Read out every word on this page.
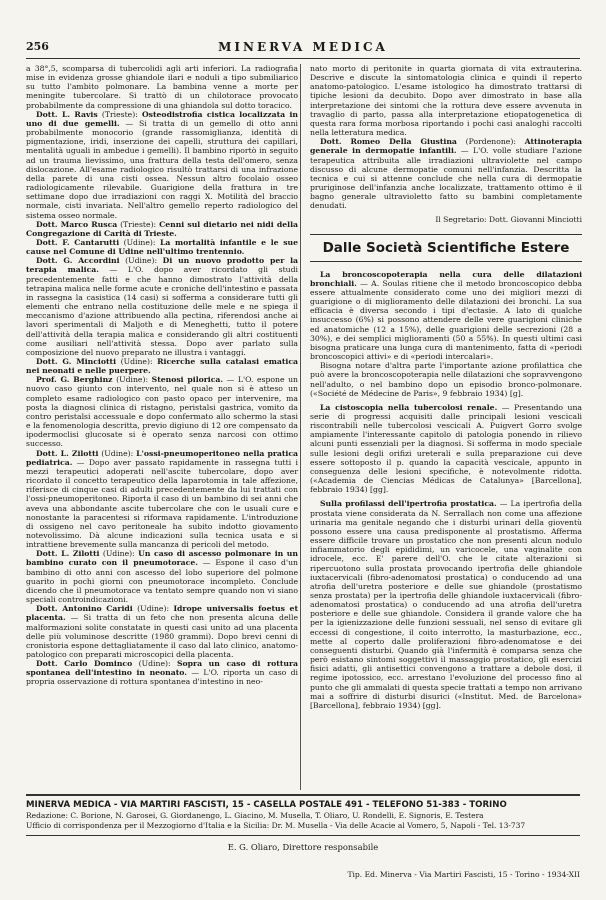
256	MINERVA MEDICA

a 38°,5, scomparsa di tubercolidi agli arti inferiori. La radiografia mise in evidenza grosse ghiandole ilari e noduli a tipo submiliarico su tutto l'ambito polmonare. La bambina venne a morte per meningite tubercolare. Si trattò di un chilotorace provocato probabilmente da compressione di una ghiandola sul dotto toracico.

Dott. L. Ravis (Trieste): Osteodistrofia cistica localizzata in uno di due gemelli. — Si tratta di un gemello di otto anni probabilmente monocorio (grande rassomiglianza, identità di pigmentazione, iridi, inserzione dei capelli, struttura dei capillari, mentalità uguali in ambedue i gemelli). Il bambino riportò in seguito ad un trauma lievissimo, una frattura della testa dell'omero, senza dislocazione. All'esame radiologico risultò trattarsi di una infrazione della parete di una cisti ossea. Nessun altro focolaio osseo radiologicamente rilevabile. Guarigione della frattura in tre settimane dopo due irradiazioni con raggi X. Motilità del braccio normale, cisti invariata. Nell'altro gemello reperto radiologico del sistema osseo normale.

Dott. Marco Rusca (Trieste): Cenni sul dietario nei nidi della Congregazione di Carità di Trieste.

Dott. F. Cantarutti (Udine): La mortalità infantile e le sue cause nel Comune di Udine nell'ultimo trentennio.

Dott. G. Accordini (Udine): Di un nuovo prodotto per la terapia malica. — L'O. dopo aver ricordato gli studi precedentemente fatti e che hanno dimostrato l'attività della tetrapina malica nelle forme acute e croniche dell'intestino e passata in rassegna la casistica (14 casi) si sofferma a considerare tutti gli elementi che entrano nella costituzione delle mele e ne spiega il meccanismo d'azione attribuendo alla pectina, riferendosi anche ai lavori sperimentali di Maljoth e di Meneghetti, tutto il potere dell'attività della terapia malica e considerando gli altri costituenti come ausiliari nell'attività stessa. Dopo aver parlato sulla composizione del nuovo preparato ne illustra i vantaggi.

Dott. G. Minciotti (Udine): Ricerche sulla catalasi ematica nei neonati e nelle puerpere.

Prof. G. Berghinz (Udine): Stenosi pilorica. — L'O. espone un nuovo caso giunto con intervento, nel quale non si è atteso un completo esame radiologico con pasto opaco per intervenire, ma posta la diagnosi clinica di ristagno, peristalsi gastrica, vomito da contro peristalsi accessuale e dopo confermato allo schermo la stasi e la fenomenologia descritta, previo digiuno di 12 ore compensato da ipodermoclisi glucosate si è operato senza narcosi con ottimo successo.

Dott. L. Zilotti (Udine): L'ossi-pneumoperitoneo nella pratica pediatrica. — Dopo aver passato rapidamente in rassegna tutti i mezzi terapeutici adoperati nell'ascite tubercolare, dopo aver ricordato il concetto terapeutico della laparotomia in tale affezione, riferisce di cinque casi di adulti precedentemente da lui trattati con l'ossi-pneumoperitoneo. Riporta il caso di un bambino di sei anni che aveva una abbondante ascite tubercolare che con le usuali cure e nonostante la paracentesi si riformava rapidamente. L'introduzione di ossigeno nel cavo peritoneale ha subito indotto giovamento notevolissimo. Dà alcune indicazioni sulla tecnica usata e si intrattiene brevemente sulla mancanza di pericoli del metodo.

Dott. L. Zilotti (Udine): Un caso di ascesso polmonare in un bambino curato con il pneumotorace. — Espone il caso d'un bambino di otto anni con ascesso del lobo superiore del polmone guarito in pochi giorni con pneumotorace incompleto. Conclude dicendo che il pneumotorace va tentato sempre quando non vi siano speciali controindicazioni.

Dott. Antonino Caridi (Udine): Idrope universalis foetus et placenta. — Si tratta di un feto che non presenta alcuna delle malformazioni solite constatate in questi casi unito ad una placenta delle più voluminose descritte (1980 grammi). Dopo brevi cenni di cronistoria espone dettagliatamente il caso dal lato clinico, anatomo-patologico con preparati microscopici della placenta.

Dott. Carlo Dominco (Udine): Sopra un caso di rottura spontanea dell'intestino in neonato. — L'O. riporta un caso di propria osservazione di rottura spontanea d'intestino in neo-

nato morto di peritonite in quarta giornata di vita extrauterina. Descrive e discute la sintomatologia clinica e quindi il reperto anatomo-patologico. L'esame istologico ha dimostrato trattarsi di tipiche lesioni da decubito. Dopo aver dimostrato in base alla interpretazione dei sintomi che la rottura deve essere avvenuta in travaglio di parto, passa alla interpretazione etiopatogenetica di questa rara forma morbosa riportando i pochi casi analoghi raccolti nella letteratura medica.

Dott. Romeo Della Giustina (Pordenone): Attinoterapia generale in dermopatie infantili. — L'O. volle studiare l'azione terapeutica attribuita alle irradiazioni ultraviolette nel campo discusso di alcune dermopatie comuni nell'infanzia. Descritta la tecnica e cui si attenne conclude che nella cura di dermopatie pruriginose dell'infanzia anche localizzate, trattamento ottimo è il bagno generale ultravioletto fatto su bambini completamente denudati.

Il Segretario: Dott. Giovanni Minciotti

Dalle Società Scientifiche Estere

La broncoscopoterapia nella cura delle dilatazioni bronchiali. — A. Soulas ritiene che il metodo broncoscopico debba essere attualmente considerato come uno dei migliori mezzi di guarigione o di miglioramento delle dilatazioni dei bronchi. La sua efficacia è diversa secondo i tipi d'ectasie. A lato di qualche insuccesso (6%) si possono attendere delle vere guarigioni cliniche ed anatomiche (12 a 15%), delle guarigioni delle secrezioni (28 a 30%), e dei semplici miglioramenti (50 a 55%). In questi ultimi casi bisogna praticare una lunga cura di mantenimento, fatta di «periodi broncoscopici attivi» e di «periodi intercalari».

Bisogna notare d'altra parte l'importante azione profilattica che può avere la broncoscopoterapia nelle dilatazioni che sopravvengono nell'adulto, o nel bambino dopo un episodio bronco-polmonare. («Société de Médecine de Paris», 9 febbraio 1934) [g].

La cistoscopia nella tubercolosi renale. — Presentando una serie di progressi acquisiti dalle principali lesioni vescicali riscontrabili nelle tubercolosi vescicali A. Puigvert Gorro svolge ampiamente l'interessante capitolo di patologia ponendo in rilievo alcuni punti essenziali per la diagnosi. Si sofferma in modo speciale sulle lesioni degli orifizi ureterali e sulla preparazione cui deve essere sottoposto il p. quando la capacità vescicale, appunto in conseguenza delle lesioni specifiche, è notevolmente ridotta. («Academia de Ciencias Médicas de Catalunya» [Barcellona], febbraio 1934) [gg].

Sulla profilassi dell'ipertrofia prostatica. — La ipertrofia della prostata viene considerata da N. Serrallach non come una affezione urinaria ma genitale negando che i disturbi urinari della gioventù possono essere una causa predisponente al prostatismo. Afferma essere difficile trovare un prostatico che non presenti alcun nodulo infiammatorio degli epididimi, un varicocele, una vaginalite con idrocele, ecc. E' parere dell'O. che le citate alterazioni si ripercuotono sulla prostata provocando ipertrofia delle ghiandole iuxtacervicali (fibro-adenomatosi prostatica) o conducendo ad una atrofia dell'uretra posteriore e delle sue ghiandole (prostatismo senza prostata) per la ipertrofia delle ghiandole iuxtacervicali (fibro-adenomatosi prostatica) o conducendo ad una atrofia dell'uretra posteriore e delle sue ghiandole. Considera il grande valore che ha per la igienizzazione delle funzioni sessuali, nel senso di evitare gli eccessi di congestione, il coito interrotto, la masturbazione, ecc., mette al coperto dalle proliferazioni fibro-adenomatose e dei conseguenti disturbi. Quando già l'infermità è comparsa senza che però esistano sintomi soggettivi il massaggio prostatico, gli esercizi fisici adatti, gli antisettici convengono a trattare a debole dosi, il regime ipotossico, ecc. arrestano l'evoluzione del processo fino al punto che gli ammalati di questa specie trattati a tempo non arrivano mai a soffrire di disturbi disurici («Institut. Med. de Barcelona» [Barcellona], febbraio 1934) [gg].

MINERVA MEDICA - VIA MARTIRI FASCISTI, 15 - CASELLA POSTALE 491 - TELEFONO 51-383 - TORINO

Redazione: C. Borione, N. Garosei, G. Giordanengo, L. Giacino, M. Musella, T. Oliaro, U. Rondelli, E. Signoris, E. Testera

Ufficio di corrispondenza per il Mezzogiorno d'Italia e la Sicilia: Dr. M. Musella - Via delle Acacie al Vomero, 5, Napoli - Tel. 13-737

E. G. Oliaro, Direttore responsabile

Tip. Ed. Minerva - Via Martiri Fascisti, 15 - Torino - 1934-XII
